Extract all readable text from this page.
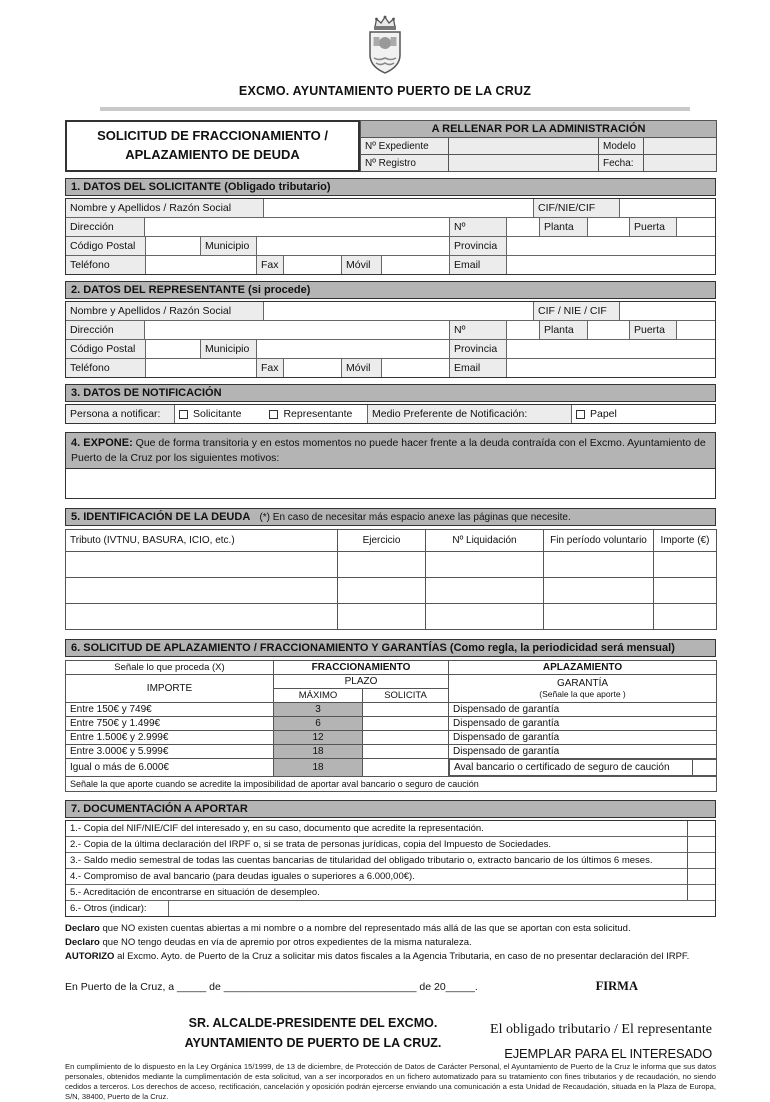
EXCMO. AYUNTAMIENTO PUERTO DE LA CRUZ
SOLICITUD DE FRACCIONAMIENTO /
APLAZAMIENTO DE DEUDA
A RELLENAR POR LA ADMINISTRACIÓN			
Nº Expediente		Modelo	
Nº Registro		Fecha:	
1. DATOS DEL SOLICITANTE (Obligado tributario)
Nombre y Apellidos / Razón Social	CIF/NIE/CIF
Dirección	Nº	Planta	Puerta
Código Postal	Municipio	Provincia
Teléfono	Fax	Móvil	Email
2. DATOS DEL REPRESENTANTE (si procede)
Nombre y Apellidos / Razón Social	CIF / NIE / CIF
Dirección	Nº	Planta	Puerta
Código Postal	Municipio	Provincia
Teléfono	Fax	Móvil	Email
3. DATOS DE NOTIFICACIÓN
Persona a notificar:	Solicitante	Representante	Medio Preferente de Notificación:	Papel
4. EXPONE: Que de forma transitoria y en estos momentos no puede hacer frente a la deuda contraída con el Excmo. Ayuntamiento de Puerto de la Cruz por los siguientes motivos:
5. IDENTIFICACIÓN DE LA DEUDA (*) En caso de necesitar más espacio anexe las páginas que necesite.
Tributo (IVTNU, BASURA, ICIO, etc.)	Ejercicio	Nº Liquidación	Fin período voluntario	Importe (€)

6. SOLICITUD DE APLAZAMIENTO / FRACCIONAMIENTO Y GARANTÍAS (Como regla, la periodicidad será mensual)
Señale lo que proceda (X)	FRACCIONAMIENTO		APLAZAMIENTO
IMPORTE	PLAZO		GARANTÍA
(Señale la que aporte )

	MÁXIMO	SOLICITA	
Entre 150€ y 749€	3		Dispensado de garantía
Entre 750€ y 1.499€	6		Dispensado de garantía
Entre 1.500€ y 2.999€	12		Dispensado de garantía
Entre 3.000€ y 5.999€	18		Dispensado de garantía
Igual o más de 6.000€	18			Aval bancario o certificado de seguro de caución

Señale la que aporte cuando se acredite la imposibilidad de aportar aval bancario o seguro de caución			
7. DOCUMENTACIÓN A APORTAR
1.- Copia del NIF/NIE/CIF del interesado y, en su caso, documento que acredite la representación.
2.- Copia de la última declaración del IRPF o, si se trata de personas jurídicas, copia del Impuesto de Sociedades.
3.- Saldo medio semestral de todas las cuentas bancarias de titularidad del obligado tributario o, extracto bancario de los últimos 6 meses.
4.- Compromiso de aval bancario (para deudas iguales o superiores a 6.000,00€).
5.- Acreditación de encontrarse en situación de desempleo.
6.- Otros (indicar):
Declaro que NO existen cuentas abiertas a mi nombre o a nombre del representado más allá de las que se aportan con esta solicitud.
Declaro que NO tengo deudas en vía de apremio por otros expedientes de la misma naturaleza.
AUTORIZO al Excmo. Ayto. de Puerto de la Cruz a solicitar mis datos fiscales a la Agencia Tributaria, en caso de no presentar declaración del IRPF.
En Puerto de la Cruz, a _____ de _________________________________ de 20_____.	FIRMA
SR. ALCALDE-PRESIDENTE DEL EXCMO.
AYUNTAMIENTO DE PUERTO DE LA CRUZ.
El obligado tributario / El representante
EJEMPLAR PARA EL INTERESADO
En cumplimiento de lo dispuesto en la Ley Orgánica 15/1999, de 13 de diciembre, de Protección de Datos de Carácter Personal, el Ayuntamiento de Puerto de la Cruz le informa que sus datos personales, obtenidos mediante la cumplimentación de esta solicitud, van a ser incorporados en un fichero automatizado para su tratamiento con fines tributarios y de recaudación, no siendo cedidos a terceros. Los derechos de acceso, rectificación, cancelación y oposición podrán ejercerse enviando una comunicación a esta Unidad de Recaudación, situada en la Plaza de Europa, S/N, 38400, Puerto de la Cruz.
